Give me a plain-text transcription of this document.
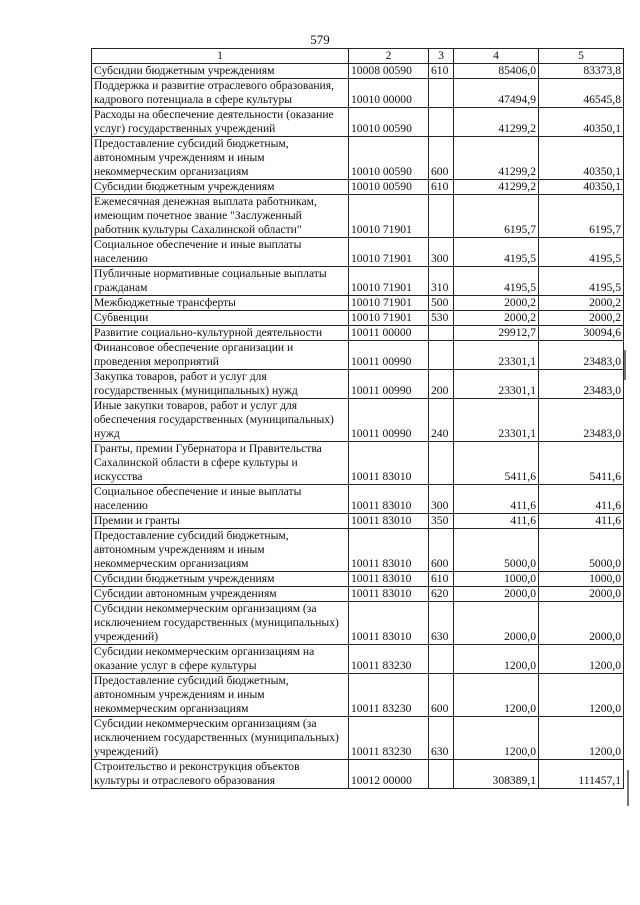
579
1	2	3	4	5
Субсидии бюджетным учреждениям	10008 00590	610	85406,0	83373,8
Поддержка и развитие отраслевого образования, кадрового потенциала в сфере культуры	10010 00000		47494,9	46545,8
Расходы на обеспечение деятельности (оказание услуг) государственных учреждений	10010 00590		41299,2	40350,1
Предоставление субсидий бюджетным, автономным учреждениям и иным некоммерческим организациям	10010 00590	600	41299,2	40350,1
Субсидии бюджетным учреждениям	10010 00590	610	41299,2	40350,1
Ежемесячная денежная выплата работникам, имеющим почетное звание "Заслуженный работник культуры Сахалинской области"	10010 71901		6195,7	6195,7
Социальное обеспечение и иные выплаты населению	10010 71901	300	4195,5	4195,5
Публичные нормативные социальные выплаты гражданам	10010 71901	310	4195,5	4195,5
Межбюджетные трансферты	10010 71901	500	2000,2	2000,2
Субвенции	10010 71901	530	2000,2	2000,2
Развитие социально-культурной деятельности	10011 00000		29912,7	30094,6
Финансовое обеспечение организации и проведения мероприятий	10011 00990		23301,1	23483,0
Закупка товаров, работ и услуг для государственных (муниципальных) нужд	10011 00990	200	23301,1	23483,0
Иные закупки товаров, работ и услуг для обеспечения государственных (муниципальных) нужд	10011 00990	240	23301,1	23483,0
Гранты, премии Губернатора и Правительства Сахалинской области в сфере культуры и искусства	10011 83010		5411,6	5411,6
Социальное обеспечение и иные выплаты населению	10011 83010	300	411,6	411,6
Премии и гранты	10011 83010	350	411,6	411,6
Предоставление субсидий бюджетным, автономным учреждениям и иным некоммерческим организациям	10011 83010	600	5000,0	5000,0
Субсидии бюджетным учреждениям	10011 83010	610	1000,0	1000,0
Субсидии автономным учреждениям	10011 83010	620	2000,0	2000,0
Субсидии некоммерческим организациям (за исключением государственных (муниципальных) учреждений)	10011 83010	630	2000,0	2000,0
Субсидии некоммерческим организациям на оказание услуг в сфере культуры	10011 83230		1200,0	1200,0
Предоставление субсидий бюджетным, автономным учреждениям и иным некоммерческим организациям	10011 83230	600	1200,0	1200,0
Субсидии некоммерческим организациям (за исключением государственных (муниципальных) учреждений)	10011 83230	630	1200,0	1200,0
Строительство и реконструкция объектов культуры и отраслевого образования	10012 00000		308389,1	111457,1
